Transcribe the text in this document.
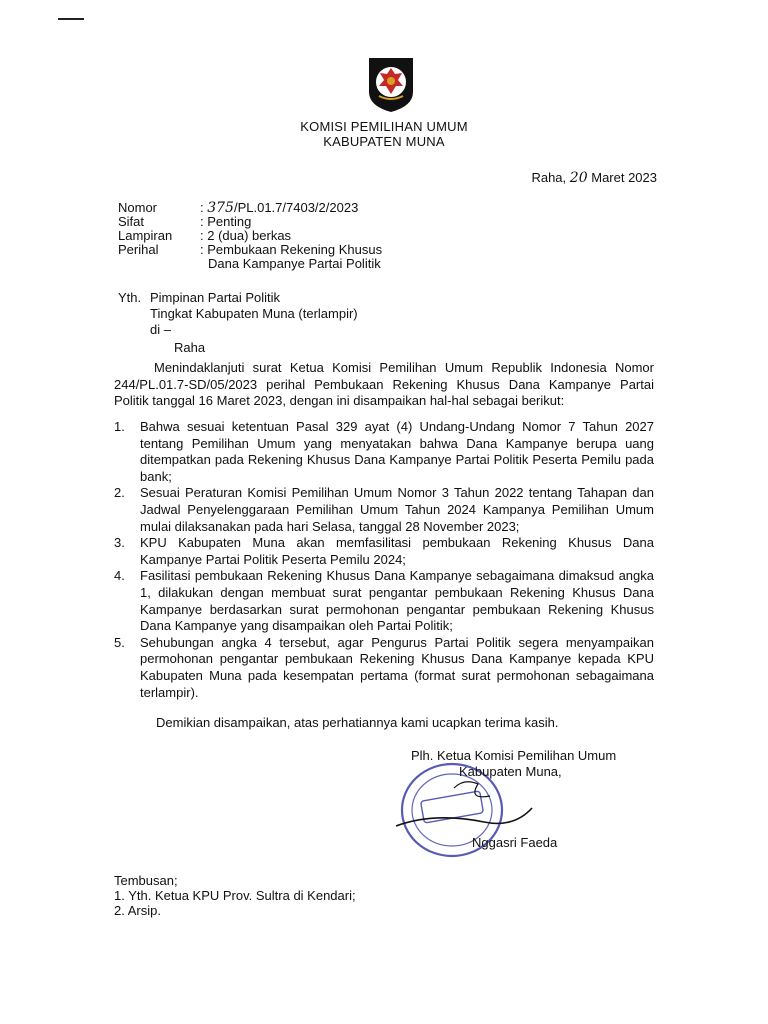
KOMISI PEMILIHAN UMUM
KABUPATEN MUNA
Raha, 20 Maret 2023
Nomor	: 375/PL.01.7/7403/2/2023
Sifat	: Penting
Lampiran	: 2 (dua) berkas
Perihal	: Pembukaan Rekening Khusus
Dana Kampanye Partai Politik
Yth. Pimpinan Partai Politik
Tingkat Kabupaten Muna (terlampir)
di –
Raha
Menindaklanjuti surat Ketua Komisi Pemilihan Umum Republik Indonesia Nomor 244/PL.01.7-SD/05/2023 perihal Pembukaan Rekening Khusus Dana Kampanye Partai Politik tanggal 16 Maret 2023, dengan ini disampaikan hal-hal sebagai berikut:
1. Bahwa sesuai ketentuan Pasal 329 ayat (4) Undang-Undang Nomor 7 Tahun 2027 tentang Pemilihan Umum yang menyatakan bahwa Dana Kampanye berupa uang ditempatkan pada Rekening Khusus Dana Kampanye Partai Politik Peserta Pemilu pada bank;
2. Sesuai Peraturan Komisi Pemilihan Umum Nomor 3 Tahun 2022 tentang Tahapan dan Jadwal Penyelenggaraan Pemilihan Umum Tahun 2024 Kampanya Pemilihan Umum mulai dilaksanakan pada hari Selasa, tanggal 28 November 2023;
3. KPU Kabupaten Muna akan memfasilitasi pembukaan Rekening Khusus Dana Kampanye Partai Politik Peserta Pemilu 2024;
4. Fasilitasi pembukaan Rekening Khusus Dana Kampanye sebagaimana dimaksud angka 1, dilakukan dengan membuat surat pengantar pembukaan Rekening Khusus Dana Kampanye berdasarkan surat permohonan pengantar pembukaan Rekening Khusus Dana Kampanye yang disampaikan oleh Partai Politik;
5. Sehubungan angka 4 tersebut, agar Pengurus Partai Politik segera menyampaikan permohonan pengantar pembukaan Rekening Khusus Dana Kampanye kepada KPU Kabupaten Muna pada kesempatan pertama (format surat permohonan sebagaimana terlampir).
Demikian disampaikan, atas perhatiannya kami ucapkan terima kasih.
Plh. Ketua Komisi Pemilihan Umum
Kabupaten Muna,
Nggasri Faeda
Tembusan;
1. Yth. Ketua KPU Prov. Sultra di Kendari;
2. Arsip.
